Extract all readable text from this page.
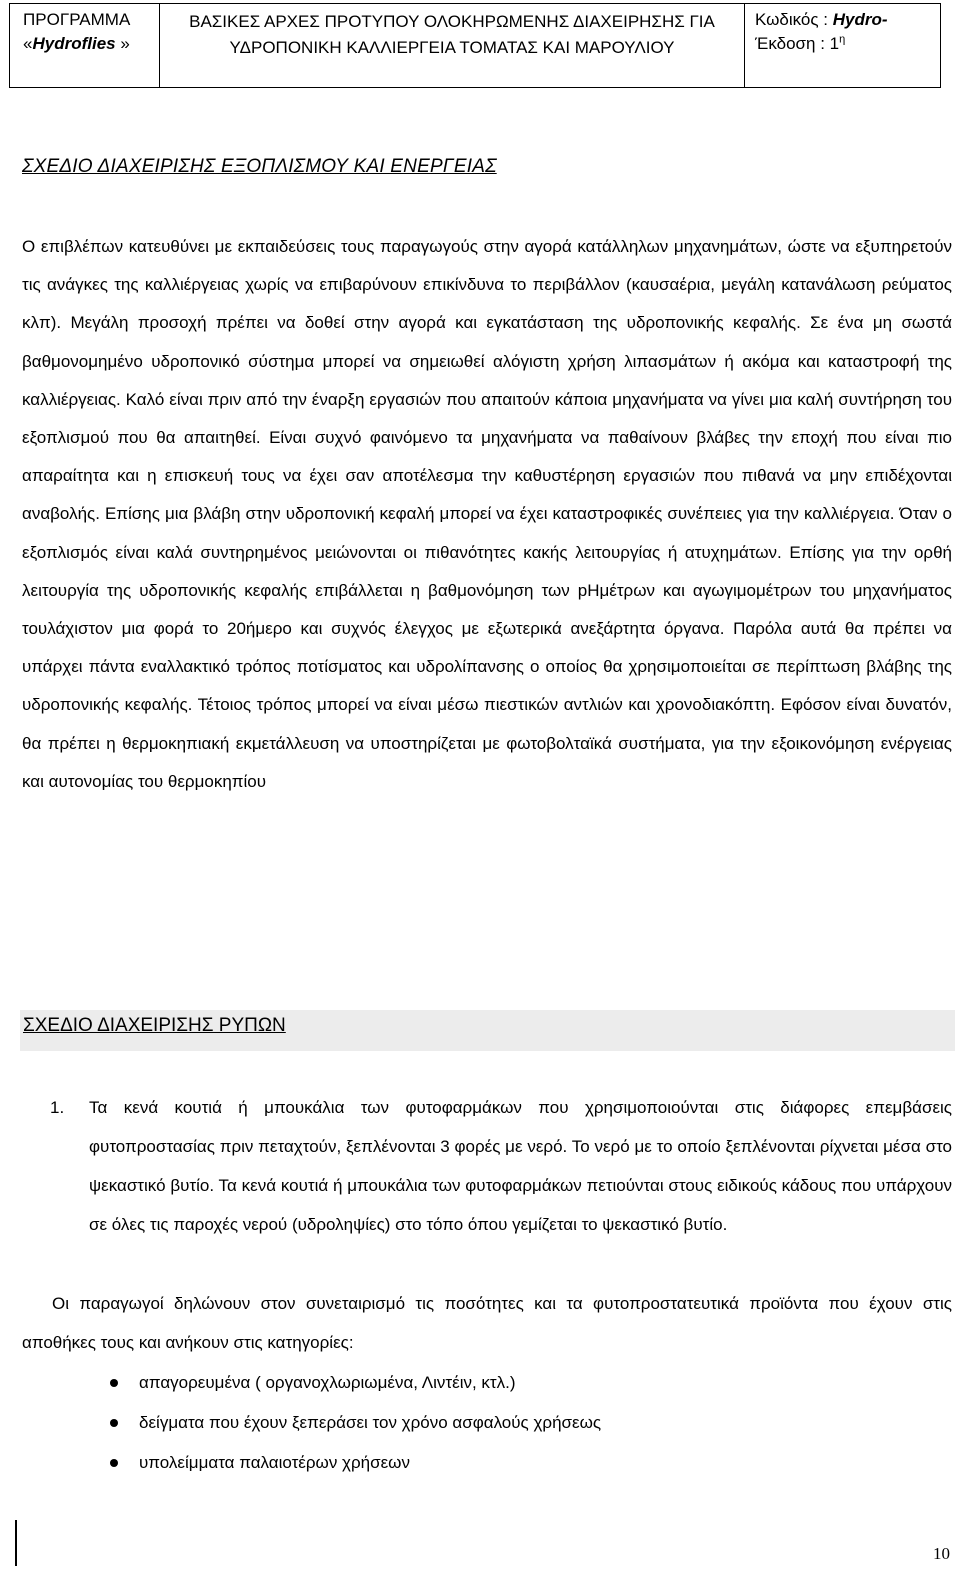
ΠΡΟΓΡΑΜΜΑ
«Hydroflies »
ΒΑΣΙΚΕΣ ΑΡΧΕΣ ΠΡΟΤΥΠΟΥ ΟΛΟΚΗΡΩΜΕΝΗΣ ΔΙΑΧΕΙΡΗΣΗΣ ΓΙΑ
ΥΔΡΟΠΟΝΙΚΗ ΚΑΛΛΙΕΡΓΕΙΑ ΤΟΜΑΤΑΣ ΚΑΙ ΜΑΡΟΥΛΙΟΥ
Κωδικός : Hydro-
Έκδοση : $1^\eta$
ΣΧΕΔΙΟ ΔΙΑΧΕΙΡΙΣΗΣ ΕΞΟΠΛΙΣΜΟΥ ΚΑΙ ΕΝΕΡΓΕΙΑΣ

Ο επιβλέπων κατευθύνει με εκπαιδεύσεις τους παραγωγούς στην αγορά κατάλληλων μηχανημάτων, ώστε να εξυπηρετούν τις ανάγκες της καλλιέργειας χωρίς να επιβαρύνουν επικίνδυνα το περιβάλλον (καυσαέρια, μεγάλη κατανάλωση ρεύματος κλπ). Μεγάλη προσοχή πρέπει να δοθεί στην αγορά και εγκατάσταση της υδροπονικής κεφαλής. Σε ένα μη σωστά βαθμονομημένο υδροπονικό σύστημα μπορεί να σημειωθεί αλόγιστη χρήση λιπασμάτων ή ακόμα και καταστροφή της καλλιέργειας. Καλό είναι πριν από την έναρξη εργασιών που απαιτούν κάποια μηχανήματα να γίνει μια καλή συντήρηση του εξοπλισμού που θα απαιτηθεί. Είναι συχνό φαινόμενο τα μηχανήματα να παθαίνουν βλάβες την εποχή που είναι πιο απαραίτητα και η επισκευή τους να έχει σαν αποτέλεσμα την καθυστέρηση εργασιών που πιθανά να μην επιδέχονται αναβολής. Επίσης μια βλάβη στην υδροπονική κεφαλή μπορεί να έχει καταστροφικές συνέπειες για την καλλιέργεια. Όταν ο εξοπλισμός είναι καλά συντηρημένος μειώνονται οι πιθανότητες κακής λειτουργίας ή ατυχημάτων. Επίσης για την ορθή λειτουργία της υδροπονικής κεφαλής επιβάλλεται η βαθμονόμηση των pHμέτρων και αγωγιμομέτρων του μηχανήματος τουλάχιστον μια φορά το 20ήμερο και συχνός έλεγχος με εξωτερικά ανεξάρτητα όργανα. Παρόλα αυτά θα πρέπει να υπάρχει πάντα εναλλακτικό τρόπος ποτίσματος και υδρολίπανσης ο οποίος θα χρησιμοποιείται σε περίπτωση βλάβης της υδροπονικής κεφαλής. Τέτοιος τρόπος μπορεί να είναι μέσω πιεστικών αντλιών και χρονοδιακόπτη. Εφόσον είναι δυνατόν, θα πρέπει η θερμοκηπιακή εκμετάλλευση να υποστηρίζεται με φωτοβολταϊκά συστήματα, για την εξοικονόμηση ενέργειας και αυτονομίας του θερμοκηπίου

ΣΧΕΔΙΟ ΔΙΑΧΕΙΡΙΣΗΣ ΡΥΠΩΝ
1. Τα κενά κουτιά ή μπουκάλια των φυτοφαρμάκων που χρησιμοποιούνται στις διάφορες επεμβάσεις φυτοπροστασίας πριν πεταχτούν, ξεπλένονται 3 φορές με νερό. Το νερό με το οποίο ξεπλένονται ρίχνεται μέσα στο ψεκαστικό βυτίο. Τα κενά κουτιά ή μπουκάλια των φυτοφαρμάκων πετιούνται στους ειδικούς κάδους που υπάρχουν σε όλες τις παροχές νερού (υδροληψίες) στο τόπο όπου γεμίζεται το ψεκαστικό βυτίο.

Οι παραγωγοί δηλώνουν στον συνεταιρισμό τις ποσότητες και τα φυτοπροστατευτικά προϊόντα που έχουν στις αποθήκες τους και ανήκουν στις κατηγορίες:

απαγορευμένα ( οργανοχλωριωμένα, Λιντέιν, κτλ.)
δείγματα που έχουν ξεπεράσει τον χρόνο ασφαλούς χρήσεως
υπολείμματα παλαιοτέρων χρήσεων
10
